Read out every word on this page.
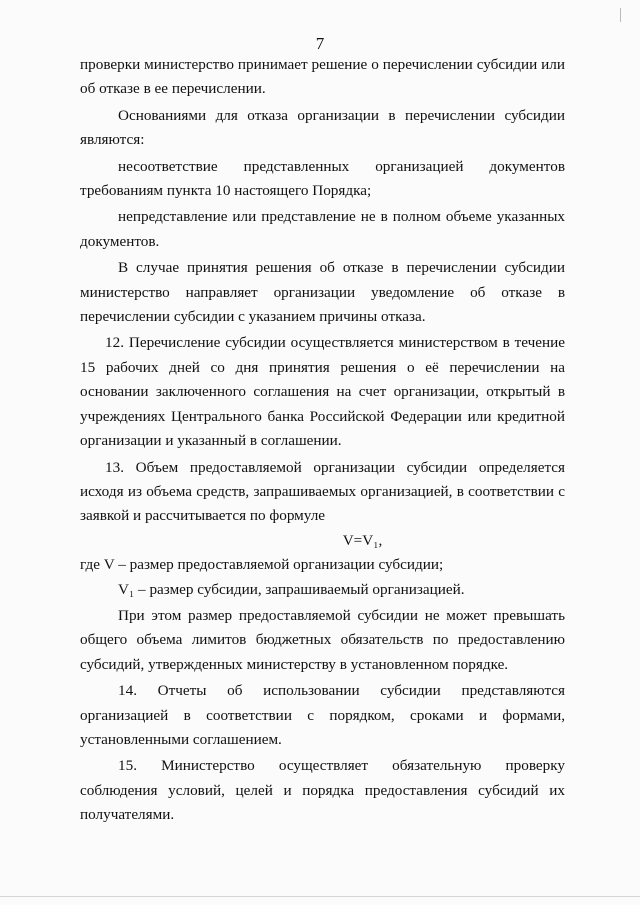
7

проверки министерство принимает решение о перечислении субсидии или об отказе в ее перечислении.

Основаниями для отказа организации в перечислении субсидии являются:

несоответствие представленных организацией документов требованиям пункта 10 настоящего Порядка;

непредставление или представление не в полном объеме указанных документов.

В случае принятия решения об отказе в перечислении субсидии министерство направляет организации уведомление об отказе в перечислении субсидии с указанием причины отказа.

12. Перечисление субсидии осуществляется министерством в течение 15 рабочих дней со дня принятия решения о её перечислении на основании заключенного соглашения на счет организации, открытый в учреждениях Центрального банка Российской Федерации или кредитной организации и указанный в соглашении.

13. Объем предоставляемой организации субсидии определяется исходя из объема средств, запрашиваемых организацией, в соответствии с заявкой и рассчитывается по формуле

V=V₁,

где V – размер предоставляемой организации субсидии;

V₁ – размер субсидии, запрашиваемый организацией.

При этом размер предоставляемой субсидии не может превышать общего объема лимитов бюджетных обязательств по предоставлению субсидий, утвержденных министерству в установленном порядке.

14. Отчеты об использовании субсидии представляются организацией в соответствии с порядком, сроками и формами, установленными соглашением.

15. Министерство осуществляет обязательную проверку соблюдения условий, целей и порядка предоставления субсидий их получателями.
